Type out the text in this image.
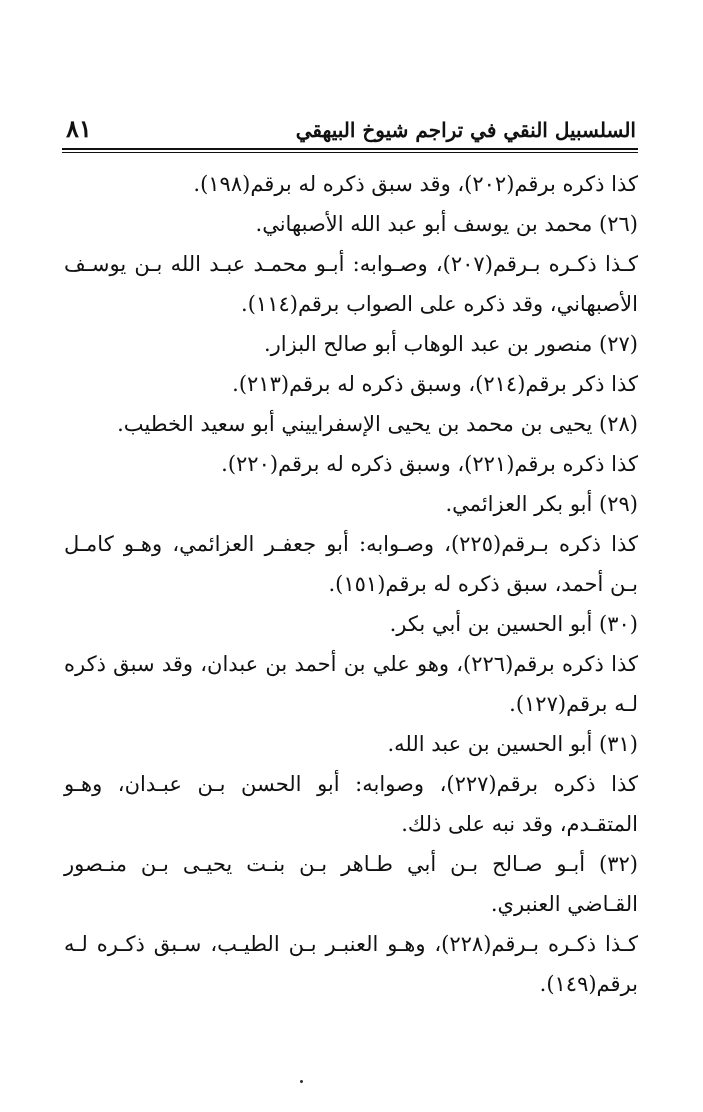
٨١	السلسبيل النقي في تراجم شيوخ البيهقي

كذا ذكره برقم(٢٠٢)، وقد سبق ذكره له برقم(١٩٨).

(٢٦) محمد بن يوسف أبو عبد الله الأصبهاني.

كـذا ذكـره بـرقم(٢٠٧)، وصـوابه: أبـو محمـد عبـد الله بـن يوسـف الأصبهاني، وقد ذكره على الصواب برقم(١١٤).

(٢٧) منصور بن عبد الوهاب أبو صالح البزار.

كذا ذكر برقم(٢١٤)، وسبق ذكره له برقم(٢١٣).

(٢٨) يحيى بن محمد بن يحيى الإسفراييني أبو سعيد الخطيب.

كذا ذكره برقم(٢٢١)، وسبق ذكره له برقم(٢٢٠).

(٢٩) أبو بكر العزائمي.

كذا ذكره بـرقم(٢٢٥)، وصـوابه: أبو جعفـر العزائمي، وهـو كامـل بـن أحمد، سبق ذكره له برقم(١٥١).

(٣٠) أبو الحسين بن أبي بكر.

كذا ذكره برقم(٢٢٦)، وهو علي بن أحمد بن عبدان، وقد سبق ذكره لـه برقم(١٢٧).

(٣١) أبو الحسين بن عبد الله.

كذا ذكره برقم(٢٢٧)، وصوابه: أبو الحسن بـن عبـدان، وهـو المتقـدم، وقد نبه على ذلك.

(٣٢) أبـو صـالح بـن أبي طـاهر بـن بنـت يحيـى بـن منـصور القـاضي العنبري.

كـذا ذكـره بـرقم(٢٢٨)، وهـو العنبـر بـن الطيـب، سـبق ذكـره لـه برقم(١٤٩).
